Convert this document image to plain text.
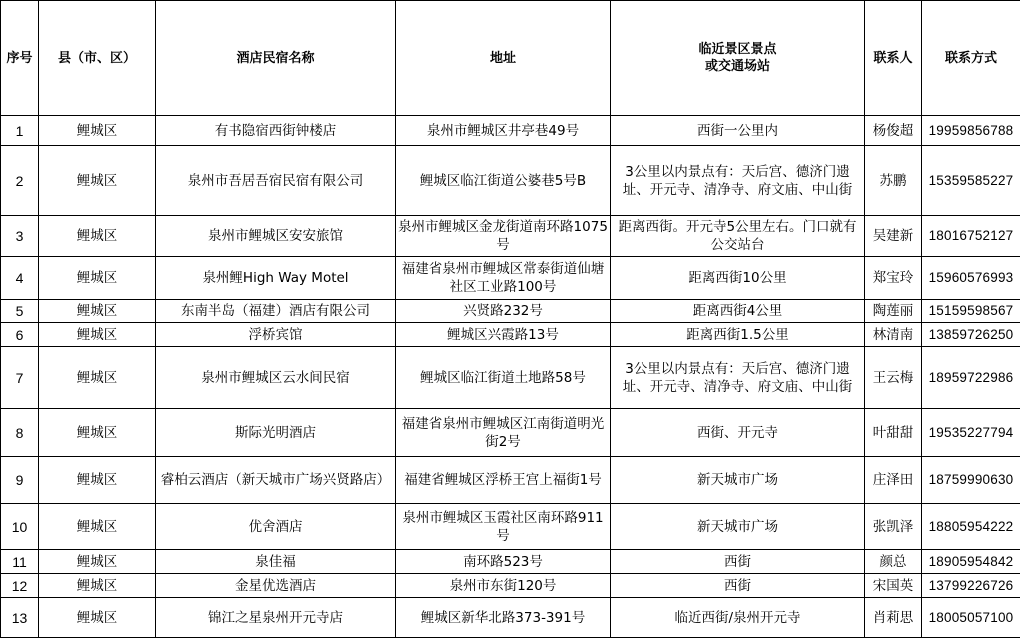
序号	县（市、区）	酒店民宿名称	地址	临近景区景点
或交通场站	联系人	联系方式
1	鲤城区	有书隐宿西街钟楼店	泉州市鲤城区井亭巷49号	西街一公里内	杨俊超	19959856788
2	鲤城区	泉州市吾居吾宿民宿有限公司	鲤城区临江街道公婆巷5号B	3公里以内景点有：天后宫、德济门遗址、开元寺、清净寺、府文庙、中山街	苏鹏	15359585227
3	鲤城区	泉州市鲤城区安安旅馆	泉州市鲤城区金龙街道南环路1075号	距离西街。开元寺5公里左右。门口就有公交站台	吴建新	18016752127
4	鲤城区	泉州鲤High Way Motel	福建省泉州市鲤城区常泰街道仙塘社区工业路100号	距离西街10公里	郑宝玲	15960576993
5	鲤城区	东南半岛（福建）酒店有限公司	兴贤路232号	距离西街4公里	陶莲丽	15159598567
6	鲤城区	浮桥宾馆	鲤城区兴霞路13号	距离西街1.5公里	林清南	13859726250
7	鲤城区	泉州市鲤城区云水间民宿	鲤城区临江街道土地路58号	3公里以内景点有：天后宫、德济门遗址、开元寺、清净寺、府文庙、中山街	王云梅	18959722986
8	鲤城区	斯际光明酒店	福建省泉州市鲤城区江南街道明光街2号	西街、开元寺	叶甜甜	19535227794
9	鲤城区	睿柏云酒店（新天城市广场兴贤路店）	福建省鲤城区浮桥王宫上福街1号	新天城市广场	庄泽田	18759990630
10	鲤城区	优舍酒店	泉州市鲤城区玉霞社区南环路911号	新天城市广场	张凯泽	18805954222
11	鲤城区	泉佳福	南环路523号	西街	颜总	18905954842
12	鲤城区	金星优选酒店	泉州市东街120号	西街	宋国英	13799226726
13	鲤城区	锦江之星泉州开元寺店	鲤城区新华北路373-391号	临近西街/泉州开元寺	肖莉思	18005057100
